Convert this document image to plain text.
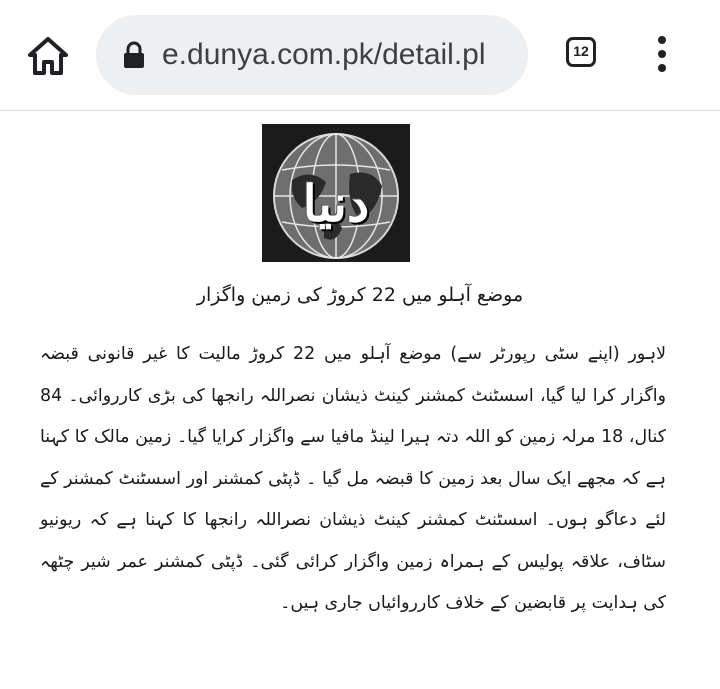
e.dunya.com.pk/detail.pl	12
دنیا
موضع آہلو میں 22 کروڑ کی زمین واگزار

لاہور (اپنے سٹی رپورٹر سے) موضع آہلو میں 22 کروڑ مالیت کا غیر قانونی قبضہ واگزار کرا لیا گیا، اسسٹنٹ کمشنر کینٹ ذیشان نصراللہ رانجھا کی بڑی کارروائی۔ 84 کنال، 18 مرلہ زمین کو اللہ دتہ ہیرا لینڈ مافیا سے واگزار کرایا گیا۔ زمین مالک کا کہنا ہے کہ مجھے ایک سال بعد زمین کا قبضہ مل گیا ۔ ڈپٹی کمشنر اور اسسٹنٹ کمشنر کے لئے دعاگو ہوں۔ اسسٹنٹ کمشنر کینٹ ذیشان نصراللہ رانجھا کا کہنا ہے کہ ریونیو سٹاف، علاقہ پولیس کے ہمراہ زمین واگزار کرائی گئی۔ ڈپٹی کمشنر عمر شیر چٹھہ کی ہدایت پر قابضین کے خلاف کارروائیاں جاری ہیں۔
